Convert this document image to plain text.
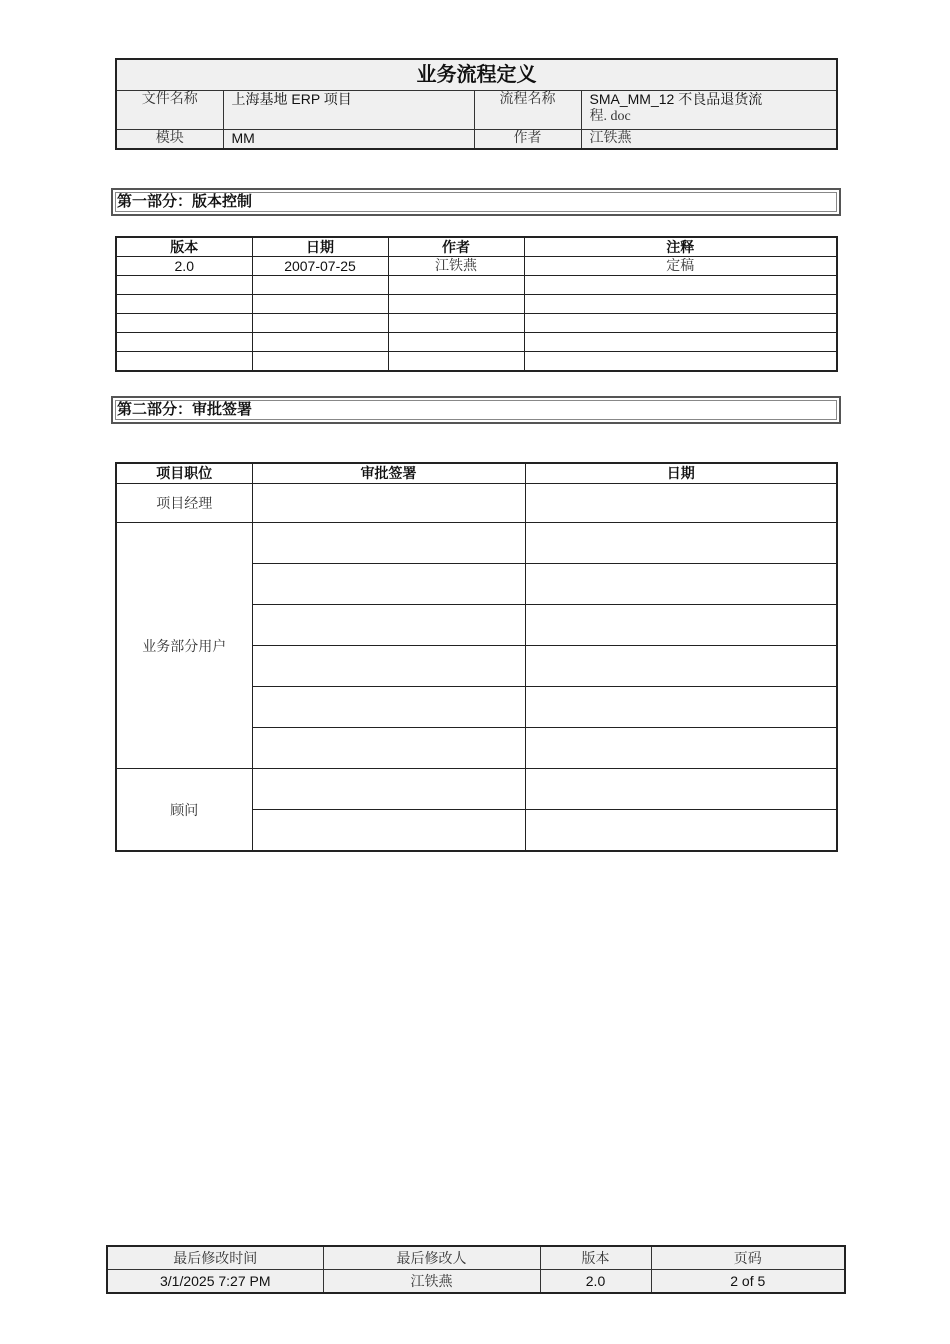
业务流程定义			
文件名称	上海基地 ERP 项目	流程名称	SMA_MM_12 不良品退货流
程. doc

模块	MM	作者	江铁燕
第一部分：版本控制
版本	日期	作者	注释
2.0	2007-07-25	江铁燕	定稿

第二部分：审批签署
项目职位	审批签署	日期
项目经理		
业务部分用户		

顾问		

最后修改时间	最后修改人	版本	页码
3/1/2025 7:27 PM	江铁燕	2.0	2 of 5
